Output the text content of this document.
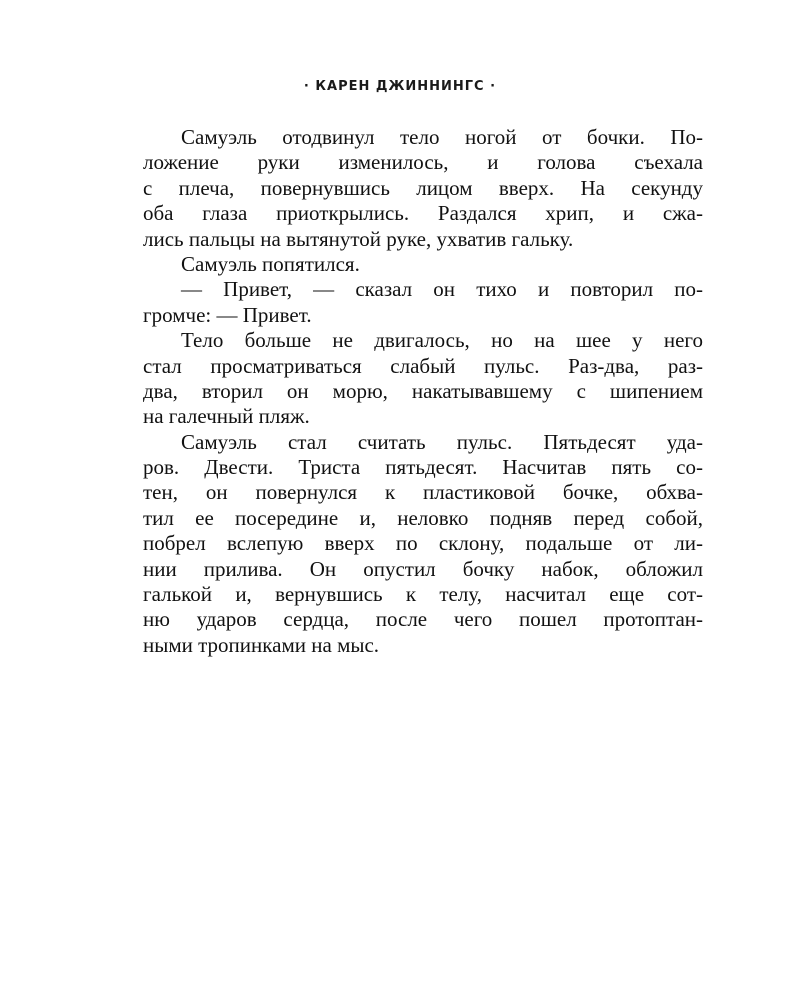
· КАРЕН ДЖИННИНГС ·
Самуэль отодвинул тело ногой от бочки. По-
ложение руки изменилось, и голова съехала
с плеча, повернувшись лицом вверх. На секунду
оба глаза приоткрылись. Раздался хрип, и сжа-
лись пальцы на вытянутой руке, ухватив гальку.
Самуэль попятился.
— Привет, — сказал он тихо и повторил по-
громче: — Привет.
Тело больше не двигалось, но на шее у него
стал просматриваться слабый пульс. Раз-два, раз-
два, вторил он морю, накатывавшему с шипением
на галечный пляж.
Самуэль стал считать пульс. Пятьдесят уда-
ров. Двести. Триста пятьдесят. Насчитав пять со-
тен, он повернулся к пластиковой бочке, обхва-
тил ее посередине и, неловко подняв перед собой,
побрел вслепую вверх по склону, подальше от ли-
нии прилива. Он опустил бочку набок, обложил
галькой и, вернувшись к телу, насчитал еще сот-
ню ударов сердца, после чего пошел протоптан-
ными тропинками на мыс.
